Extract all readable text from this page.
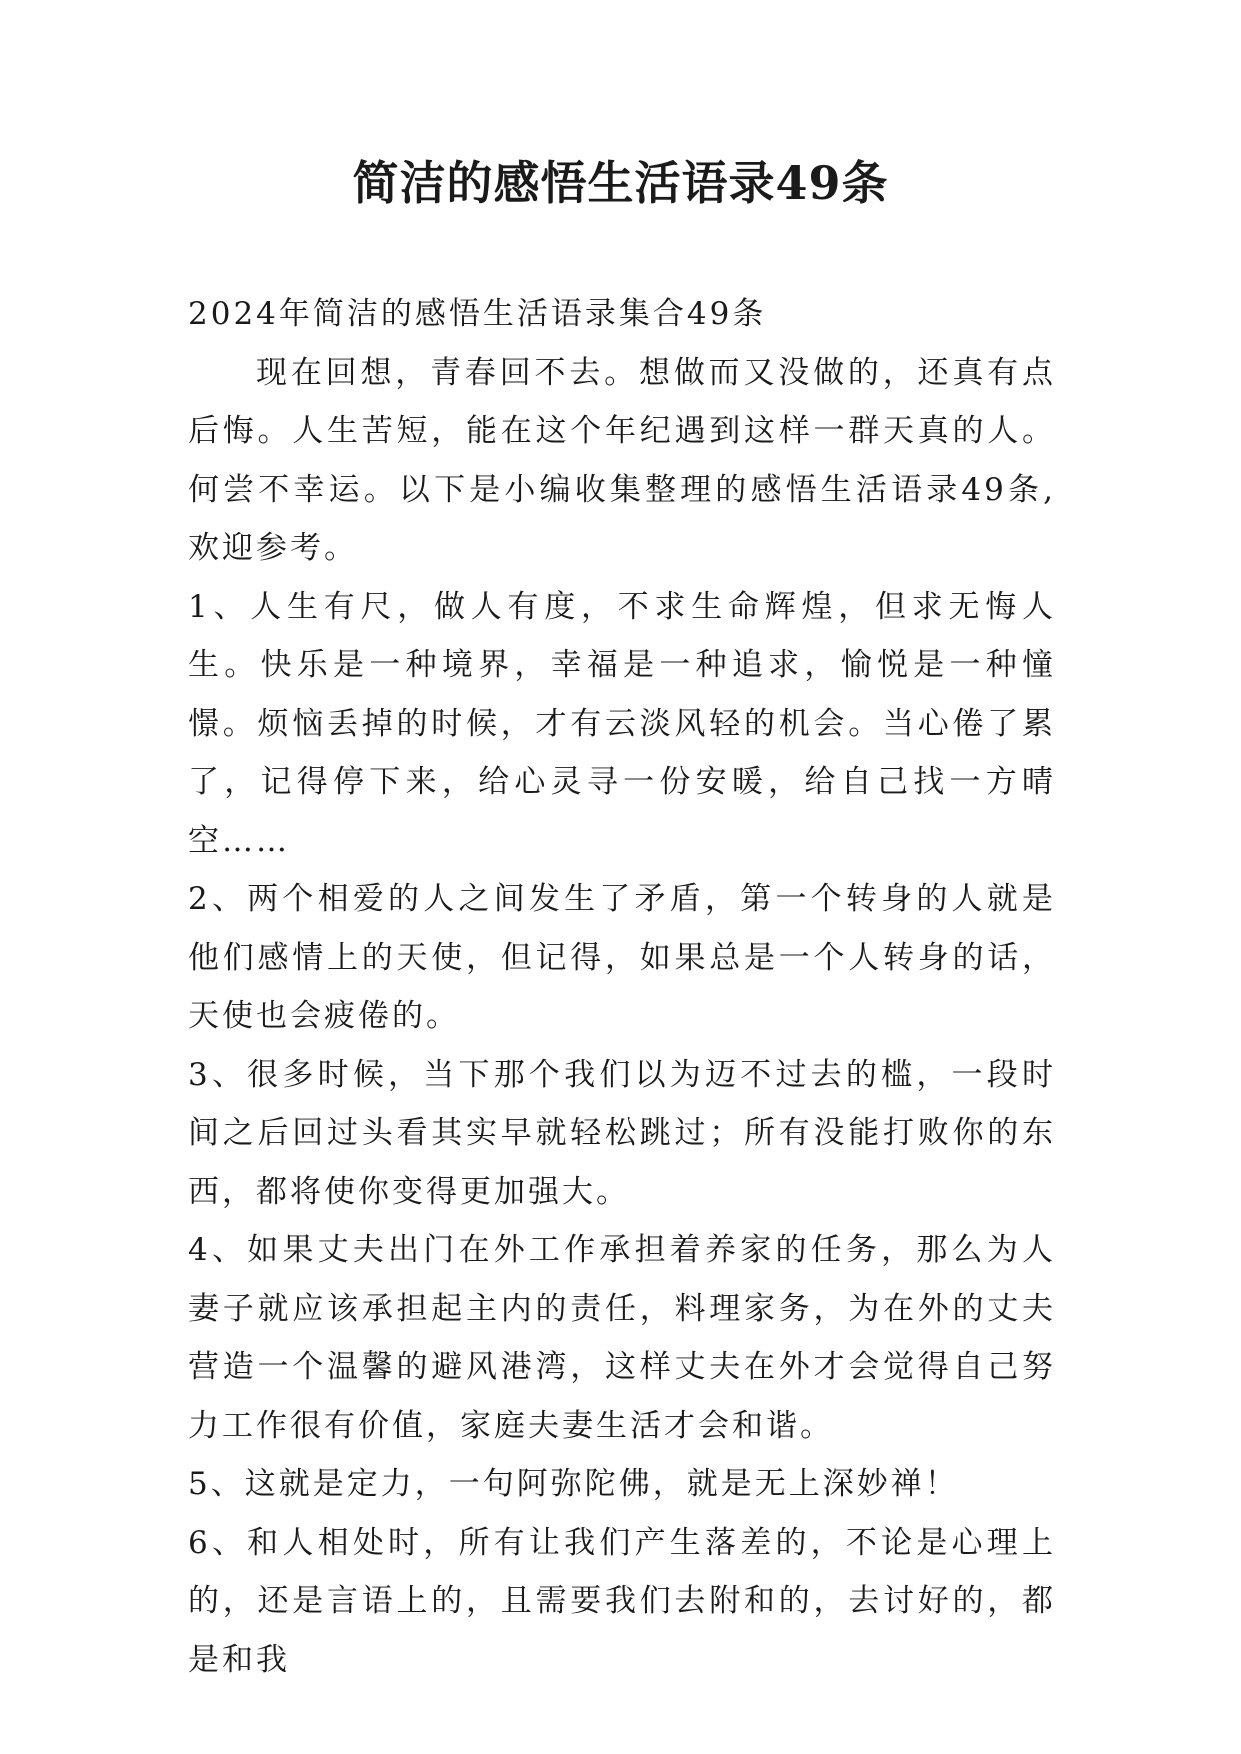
简洁的感悟生活语录49条

2024年简洁的感悟生活语录集合49条

现在回想，青春回不去。想做而又没做的，还真有点后悔。人生苦短，能在这个年纪遇到这样一群天真的人。何尝不幸运。以下是小编收集整理的感悟生活语录49条,欢迎参考。

1、人生有尺，做人有度，不求生命辉煌，但求无悔人生。快乐是一种境界，幸福是一种追求，愉悦是一种憧憬。烦恼丢掉的时候，才有云淡风轻的机会。当心倦了累了，记得停下来，给心灵寻一份安暖，给自己找一方晴空……

2、两个相爱的人之间发生了矛盾，第一个转身的人就是他们感情上的天使，但记得，如果总是一个人转身的话，天使也会疲倦的。

3、很多时候，当下那个我们以为迈不过去的槛，一段时间之后回过头看其实早就轻松跳过；所有没能打败你的东西，都将使你变得更加强大。

4、如果丈夫出门在外工作承担着养家的任务，那么为人妻子就应该承担起主内的责任，料理家务，为在外的丈夫营造一个温馨的避风港湾，这样丈夫在外才会觉得自己努力工作很有价值，家庭夫妻生活才会和谐。

5、这就是定力，一句阿弥陀佛，就是无上深妙禅！

6、和人相处时，所有让我们产生落差的，不论是心理上的，还是言语上的，且需要我们去附和的，去讨好的，都是和我
